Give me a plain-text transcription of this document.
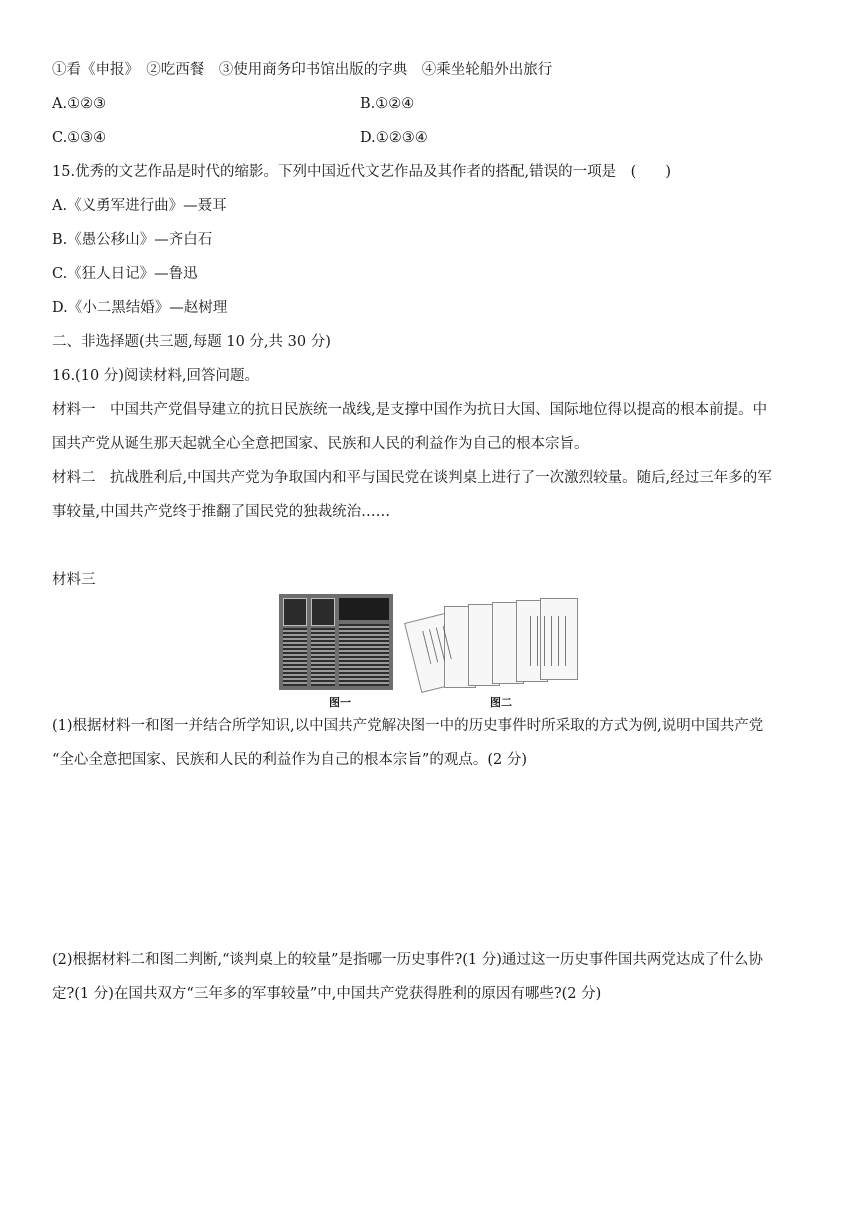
①看《申报》　②吃西餐　③使用商务印书馆出版的字典　④乘坐轮船外出旅行
A.①②③	B.①②④
C.①③④	D.①②③④
15.优秀的文艺作品是时代的缩影。下列中国近代文艺作品及其作者的搭配,错误的一项是　(　　)
A.《义勇军进行曲》—聂耳
B.《愚公移山》—齐白石
C.《狂人日记》—鲁迅
D.《小二黑结婚》—赵树理
二、非选择题(共三题,每题 10 分,共 30 分)
16.(10 分)阅读材料,回答问题。
材料一　中国共产党倡导建立的抗日民族统一战线,是支撑中国作为抗日大国、国际地位得以提高的根本前提。中
国共产党从诞生那天起就全心全意把国家、民族和人民的利益作为自己的根本宗旨。
材料二　抗战胜利后,中国共产党为争取国内和平与国民党在谈判桌上进行了一次激烈较量。随后,经过三年多的军
事较量,中国共产党终于推翻了国民党的独裁统治……
材料三
图一	图二
(1)根据材料一和图一并结合所学知识,以中国共产党解决图一中的历史事件时所采取的方式为例,说明中国共产党
“全心全意把国家、民族和人民的利益作为自己的根本宗旨”的观点。(2 分)
(2)根据材料二和图二判断,“谈判桌上的较量”是指哪一历史事件?(1 分)通过这一历史事件国共两党达成了什么协
定?(1 分)在国共双方“三年多的军事较量”中,中国共产党获得胜利的原因有哪些?(2 分)
